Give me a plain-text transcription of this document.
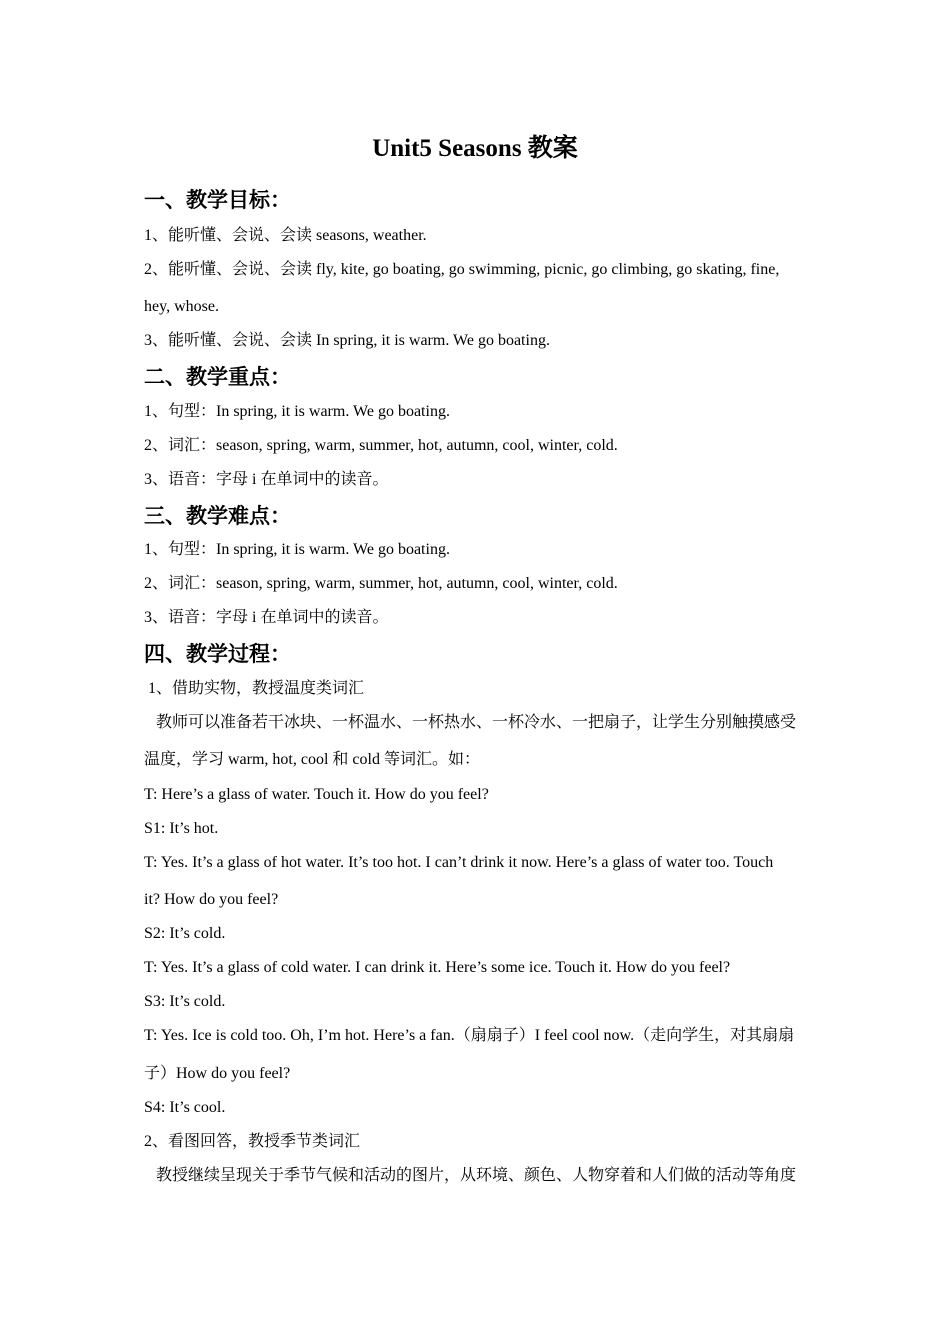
Unit5 Seasons 教案
一、教学目标：
1、能听懂、会说、会读 seasons, weather.
2、能听懂、会说、会读 fly, kite, go boating, go swimming, picnic, go climbing, go skating, fine,
hey, whose.
3、能听懂、会说、会读 In spring, it is warm. We go boating.
二、教学重点：
1、句型：In spring, it is warm. We go boating.
2、词汇：season, spring, warm, summer, hot, autumn, cool, winter, cold.
3、语音：字母 i 在单词中的读音。
三、教学难点：
1、句型：In spring, it is warm. We go boating.
2、词汇：season, spring, warm, summer, hot, autumn, cool, winter, cold.
3、语音：字母 i 在单词中的读音。
四、教学过程：
1、借助实物，教授温度类词汇
教师可以准备若干冰块、一杯温水、一杯热水、一杯冷水、一把扇子，让学生分别触摸感受
温度，学习 warm, hot, cool 和 cold 等词汇。如：
T: Here’s a glass of water. Touch it. How do you feel?
S1: It’s hot.
T: Yes. It’s a glass of hot water. It’s too hot. I can’t drink it now. Here’s a glass of water too. Touch
it? How do you feel?
S2: It’s cold.
T: Yes. It’s a glass of cold water. I can drink it. Here’s some ice. Touch it. How do you feel?
S3: It’s cold.
T: Yes. Ice is cold too. Oh, I’m hot. Here’s a fan.（扇扇子）I feel cool now.（走向学生，对其扇扇
子）How do you feel?
S4: It’s cool.
2、看图回答，教授季节类词汇
教授继续呈现关于季节气候和活动的图片，从环境、颜色、人物穿着和人们做的活动等角度
